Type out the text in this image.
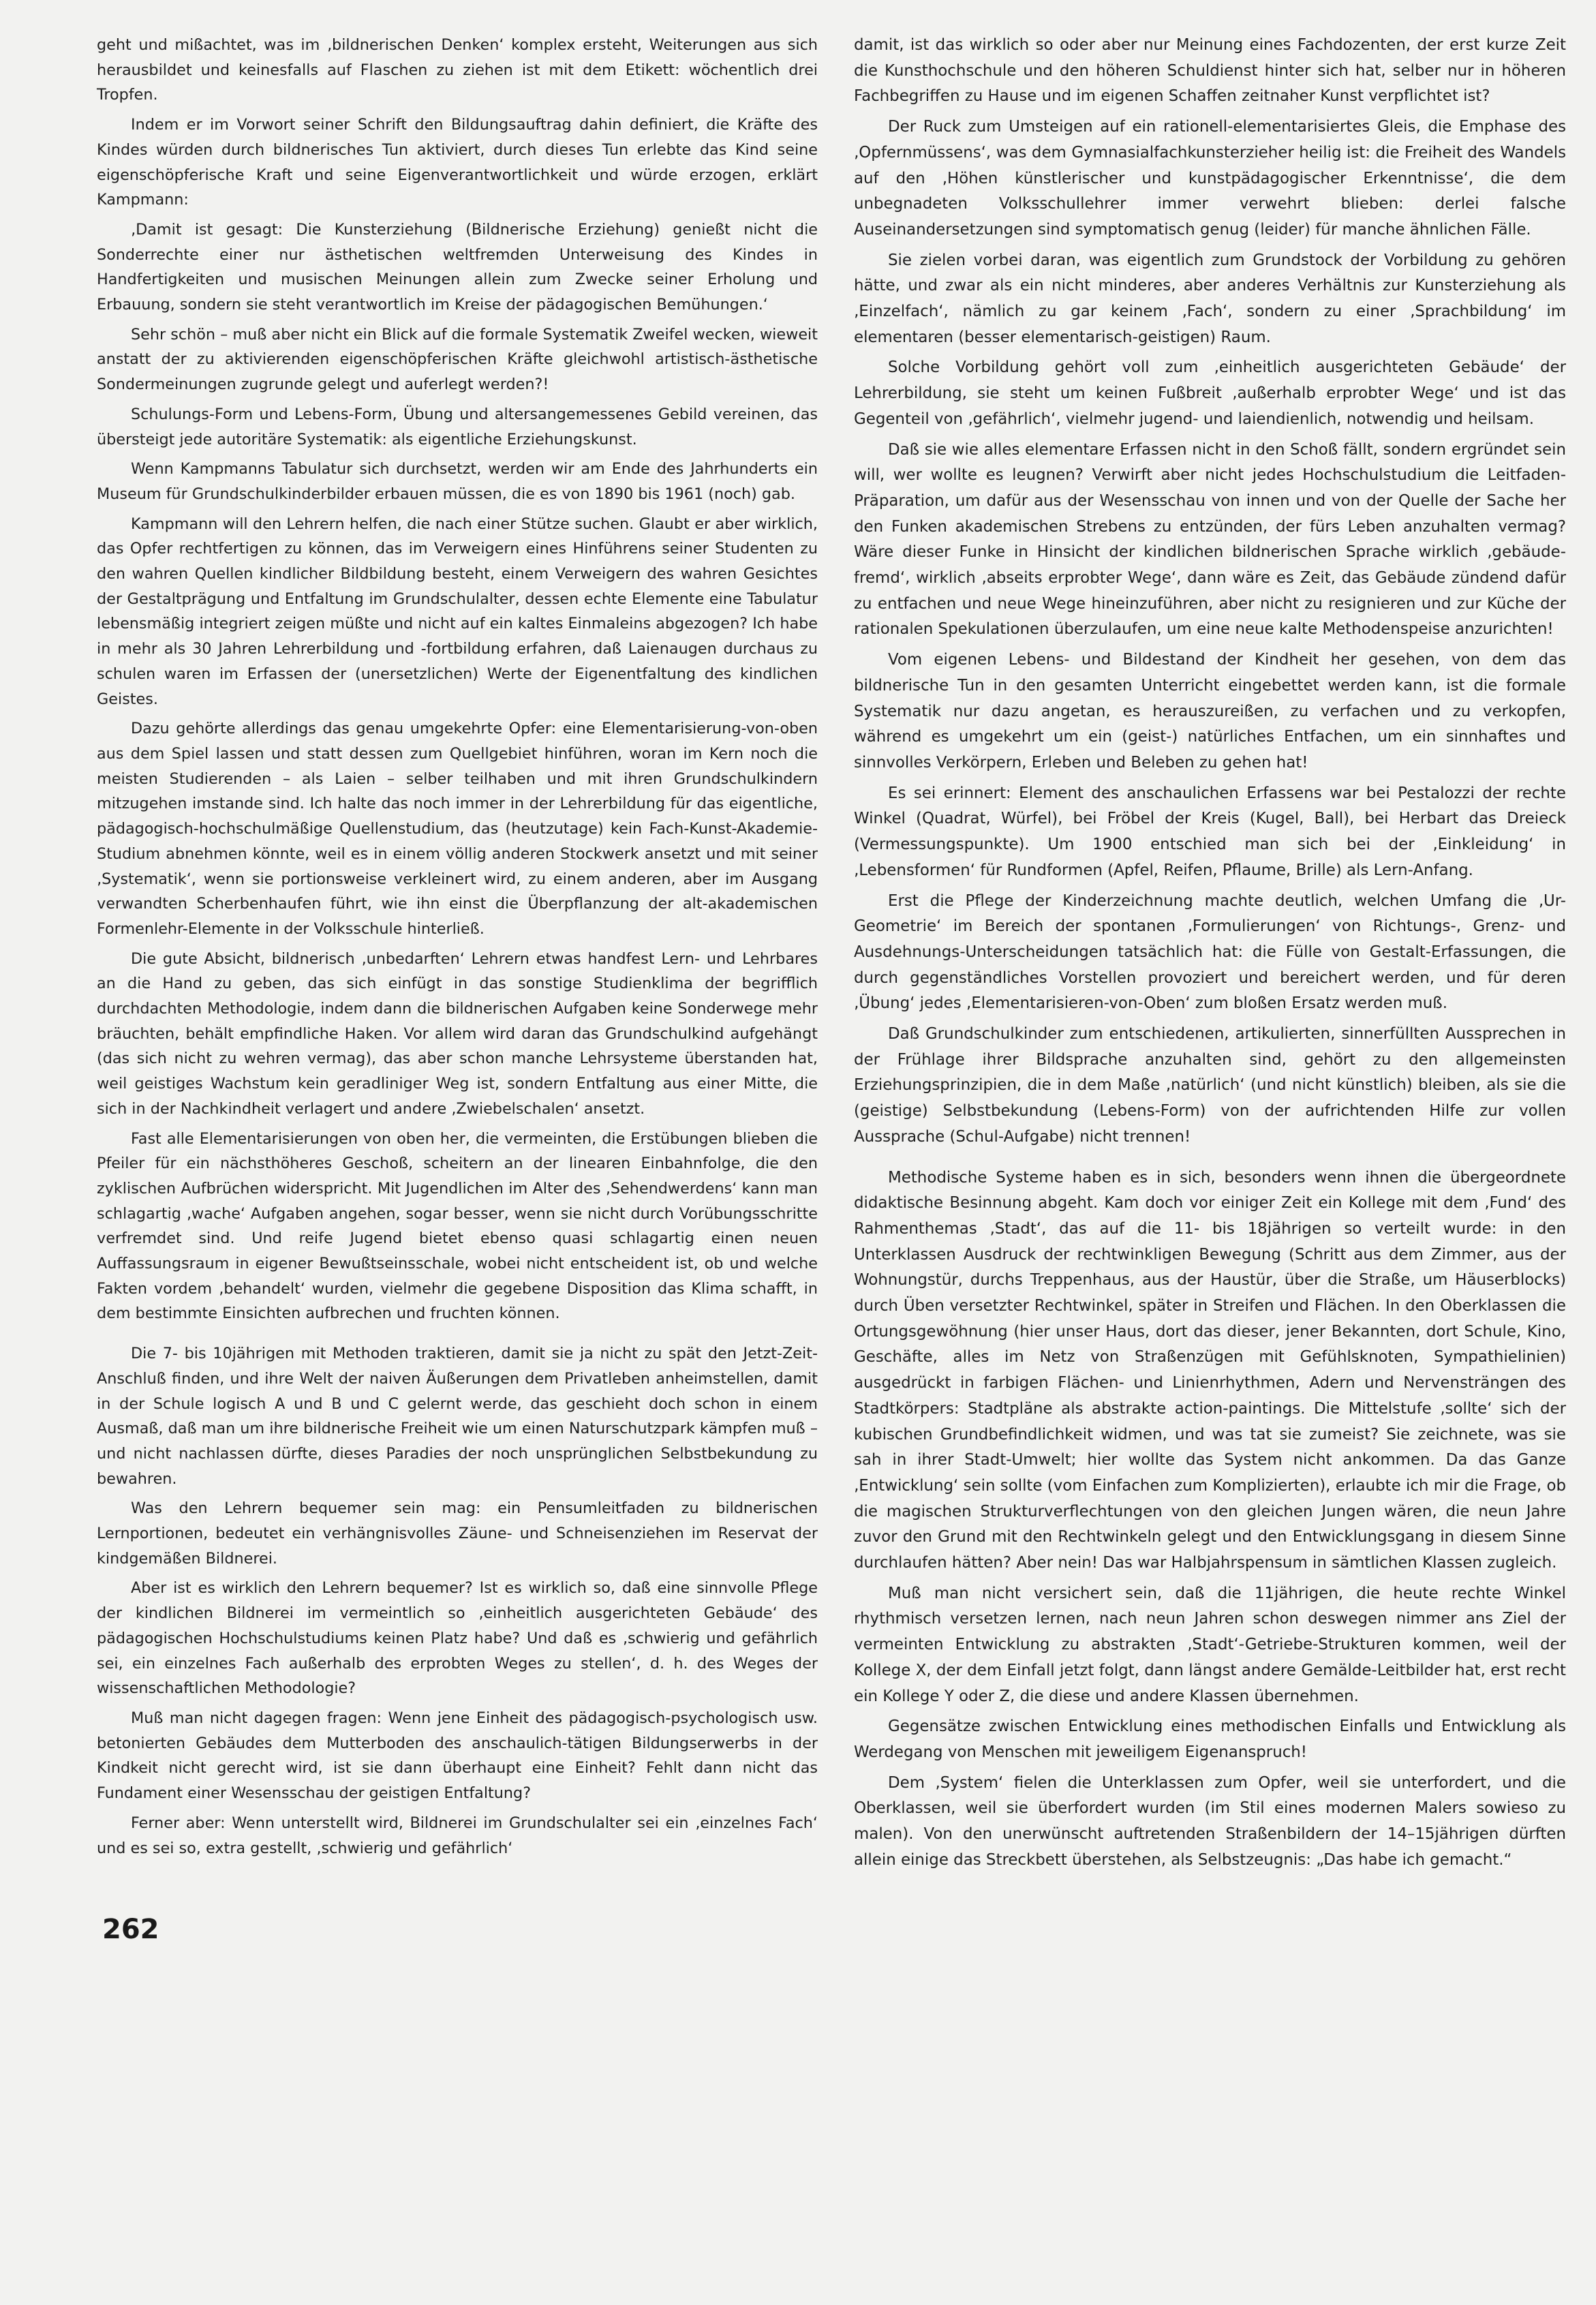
geht und mißachtet, was im ‚bildnerischen Denken‘ komplex ersteht, Weiterungen aus sich herausbildet und keinesfalls auf Flaschen zu ziehen ist mit dem Etikett: wöchentlich drei Tropfen.

Indem er im Vorwort seiner Schrift den Bildungsauftrag dahin definiert, die Kräfte des Kindes würden durch bildnerisches Tun aktiviert, durch dieses Tun erlebte das Kind seine eigenschöpferische Kraft und seine Eigenverantwortlichkeit und würde erzogen, erklärt Kampmann:

‚Damit ist gesagt: Die Kunsterziehung (Bildnerische Erziehung) genießt nicht die Sonderrechte einer nur ästhetischen weltfremden Unterweisung des Kindes in Handfertigkeiten und musischen Meinungen allein zum Zwecke seiner Erholung und Erbauung, sondern sie steht verantwortlich im Kreise der pädagogischen Bemühungen.‘

Sehr schön – muß aber nicht ein Blick auf die formale Systematik Zweifel wecken, wieweit anstatt der zu aktivierenden eigenschöpferischen Kräfte gleichwohl artistisch-ästhetische Sondermeinungen zugrunde gelegt und auferlegt werden?!

Schulungs-Form und Lebens-Form, Übung und altersangemessenes Gebild vereinen, das übersteigt jede autoritäre Systematik: als eigentliche Erziehungskunst.

Wenn Kampmanns Tabulatur sich durchsetzt, werden wir am Ende des Jahrhunderts ein Museum für Grundschulkinderbilder erbauen müssen, die es von 1890 bis 1961 (noch) gab.

Kampmann will den Lehrern helfen, die nach einer Stütze suchen. Glaubt er aber wirklich, das Opfer rechtfertigen zu können, das im Verweigern eines Hinführens seiner Studenten zu den wahren Quellen kindlicher Bildbildung besteht, einem Verweigern des wahren Gesichtes der Gestaltprägung und Entfaltung im Grundschulalter, dessen echte Elemente eine Tabulatur lebensmäßig integriert zeigen müßte und nicht auf ein kaltes Einmaleins abgezogen? Ich habe in mehr als 30 Jahren Lehrerbildung und -fortbildung erfahren, daß Laienaugen durchaus zu schulen waren im Erfassen der (unersetzlichen) Werte der Eigenentfaltung des kindlichen Geistes.

Dazu gehörte allerdings das genau umgekehrte Opfer: eine Elementarisierung-von-oben aus dem Spiel lassen und statt dessen zum Quellgebiet hinführen, woran im Kern noch die meisten Studierenden – als Laien – selber teilhaben und mit ihren Grundschulkindern mitzugehen imstande sind. Ich halte das noch immer in der Lehrerbildung für das eigentliche, pädagogisch-hochschulmäßige Quellenstudium, das (heutzutage) kein Fach-Kunst-Akademie-Studium abnehmen könnte, weil es in einem völlig anderen Stockwerk ansetzt und mit seiner ‚Systematik‘, wenn sie portionsweise verkleinert wird, zu einem anderen, aber im Ausgang verwandten Scherbenhaufen führt, wie ihn einst die Überpflanzung der alt-akademischen Formenlehr-Elemente in der Volksschule hinterließ.

Die gute Absicht, bildnerisch ‚unbedarften‘ Lehrern etwas handfest Lern- und Lehrbares an die Hand zu geben, das sich einfügt in das sonstige Studienklima der begrifflich durchdachten Methodologie, indem dann die bildnerischen Aufgaben keine Sonderwege mehr bräuchten, behält empfindliche Haken. Vor allem wird daran das Grundschulkind aufgehängt (das sich nicht zu wehren vermag), das aber schon manche Lehrsysteme überstanden hat, weil geistiges Wachstum kein geradliniger Weg ist, sondern Entfaltung aus einer Mitte, die sich in der Nachkindheit verlagert und andere ‚Zwiebelschalen‘ ansetzt.

Fast alle Elementarisierungen von oben her, die vermeinten, die Erstübungen blieben die Pfeiler für ein nächsthöheres Geschoß, scheitern an der linearen Einbahnfolge, die den zyklischen Aufbrüchen widerspricht. Mit Jugendlichen im Alter des ‚Sehendwerdens‘ kann man schlagartig ‚wache‘ Aufgaben angehen, sogar besser, wenn sie nicht durch Vorübungsschritte verfremdet sind. Und reife Jugend bietet ebenso quasi schlagartig einen neuen Auffassungsraum in eigener Bewußtseinsschale, wobei nicht entscheident ist, ob und welche Fakten vordem ‚behandelt‘ wurden, vielmehr die gegebene Disposition das Klima schafft, in dem bestimmte Einsichten aufbrechen und fruchten können.

Die 7- bis 10jährigen mit Methoden traktieren, damit sie ja nicht zu spät den Jetzt-Zeit-Anschluß finden, und ihre Welt der naiven Äußerungen dem Privatleben anheimstellen, damit in der Schule logisch A und B und C gelernt werde, das geschieht doch schon in einem Ausmaß, daß man um ihre bildnerische Freiheit wie um einen Naturschutzpark kämpfen muß – und nicht nachlassen dürfte, dieses Paradies der noch unsprünglichen Selbstbekundung zu bewahren.

Was den Lehrern bequemer sein mag: ein Pensumleitfaden zu bildnerischen Lernportionen, bedeutet ein verhängnisvolles Zäune- und Schneisenziehen im Reservat der kindgemäßen Bildnerei.

Aber ist es wirklich den Lehrern bequemer? Ist es wirklich so, daß eine sinnvolle Pflege der kindlichen Bildnerei im vermeintlich so ‚einheitlich ausgerichteten Gebäude‘ des pädagogischen Hochschulstudiums keinen Platz habe? Und daß es ‚schwierig und gefährlich sei, ein einzelnes Fach außerhalb des erprobten Weges zu stellen‘, d. h. des Weges der wissenschaftlichen Methodologie?

Muß man nicht dagegen fragen: Wenn jene Einheit des pädagogisch-psychologisch usw. betonierten Gebäudes dem Mutterboden des anschaulich-tätigen Bildungserwerbs in der Kindkeit nicht gerecht wird, ist sie dann überhaupt eine Einheit? Fehlt dann nicht das Fundament einer Wesensschau der geistigen Entfaltung?

Ferner aber: Wenn unterstellt wird, Bildnerei im Grundschulalter sei ein ‚einzelnes Fach‘ und es sei so, extra gestellt, ‚schwierig und gefährlich‘

damit, ist das wirklich so oder aber nur Meinung eines Fachdozenten, der erst kurze Zeit die Kunsthochschule und den höheren Schuldienst hinter sich hat, selber nur in höheren Fachbegriffen zu Hause und im eigenen Schaffen zeitnaher Kunst verpflichtet ist?

Der Ruck zum Umsteigen auf ein rationell-elementarisiertes Gleis, die Emphase des ‚Opfernmüssens‘, was dem Gymnasialfachkunsterzieher heilig ist: die Freiheit des Wandels auf den ‚Höhen künstlerischer und kunstpädagogischer Erkenntnisse‘, die dem unbegnadeten Volksschullehrer immer verwehrt blieben: derlei falsche Auseinandersetzungen sind symptomatisch genug (leider) für manche ähnlichen Fälle.

Sie zielen vorbei daran, was eigentlich zum Grundstock der Vorbildung zu gehören hätte, und zwar als ein nicht minderes, aber anderes Verhältnis zur Kunsterziehung als ‚Einzelfach‘, nämlich zu gar keinem ‚Fach‘, sondern zu einer ‚Sprachbildung‘ im elementaren (besser elementarisch-geistigen) Raum.

Solche Vorbildung gehört voll zum ‚einheitlich ausgerichteten Gebäude‘ der Lehrerbildung, sie steht um keinen Fußbreit ‚außerhalb erprobter Wege‘ und ist das Gegenteil von ‚gefährlich‘, vielmehr jugend- und laiendienlich, notwendig und heilsam.

Daß sie wie alles elementare Erfassen nicht in den Schoß fällt, sondern ergründet sein will, wer wollte es leugnen? Verwirft aber nicht jedes Hochschulstudium die Leitfaden-Präparation, um dafür aus der Wesensschau von innen und von der Quelle der Sache her den Funken akademischen Strebens zu entzünden, der fürs Leben anzuhalten vermag? Wäre dieser Funke in Hinsicht der kindlichen bildnerischen Sprache wirklich ‚gebäudefremd‘, wirklich ‚abseits erprobter Wege‘, dann wäre es Zeit, das Gebäude zündend dafür zu entfachen und neue Wege hineinzuführen, aber nicht zu resignieren und zur Küche der rationalen Spekulationen überzulaufen, um eine neue kalte Methodenspeise anzurichten!

Vom eigenen Lebens- und Bildestand der Kindheit her gesehen, von dem das bildnerische Tun in den gesamten Unterricht eingebettet werden kann, ist die formale Systematik nur dazu angetan, es herauszureißen, zu verfachen und zu verkopfen, während es umgekehrt um ein (geist-) natürliches Entfachen, um ein sinnhaftes und sinnvolles Verkörpern, Erleben und Beleben zu gehen hat!

Es sei erinnert: Element des anschaulichen Erfassens war bei Pestalozzi der rechte Winkel (Quadrat, Würfel), bei Fröbel der Kreis (Kugel, Ball), bei Herbart das Dreieck (Vermessungspunkte). Um 1900 entschied man sich bei der ‚Einkleidung‘ in ‚Lebensformen‘ für Rundformen (Apfel, Reifen, Pflaume, Brille) als Lern-Anfang.

Erst die Pflege der Kinderzeichnung machte deutlich, welchen Umfang die ‚Ur-Geometrie‘ im Bereich der spontanen ‚Formulierungen‘ von Richtungs-, Grenz- und Ausdehnungs-Unterscheidungen tatsächlich hat: die Fülle von Gestalt-Erfassungen, die durch gegenständliches Vorstellen provoziert und bereichert werden, und für deren ‚Übung‘ jedes ‚Elementarisieren-von-Oben‘ zum bloßen Ersatz werden muß.

Daß Grundschulkinder zum entschiedenen, artikulierten, sinnerfüllten Aussprechen in der Frühlage ihrer Bildsprache anzuhalten sind, gehört zu den allgemeinsten Erziehungsprinzipien, die in dem Maße ‚natürlich‘ (und nicht künstlich) bleiben, als sie die (geistige) Selbstbekundung (Lebens-Form) von der aufrichtenden Hilfe zur vollen Aussprache (Schul-Aufgabe) nicht trennen!

Methodische Systeme haben es in sich, besonders wenn ihnen die übergeordnete didaktische Besinnung abgeht. Kam doch vor einiger Zeit ein Kollege mit dem ‚Fund‘ des Rahmenthemas ‚Stadt‘, das auf die 11- bis 18jährigen so verteilt wurde: in den Unterklassen Ausdruck der rechtwinkligen Bewegung (Schritt aus dem Zimmer, aus der Wohnungstür, durchs Treppenhaus, aus der Haustür, über die Straße, um Häuserblocks) durch Üben versetzter Rechtwinkel, später in Streifen und Flächen. In den Oberklassen die Ortungsgewöhnung (hier unser Haus, dort das dieser, jener Bekannten, dort Schule, Kino, Geschäfte, alles im Netz von Straßenzügen mit Gefühlsknoten, Sympathielinien) ausgedrückt in farbigen Flächen- und Linienrhythmen, Adern und Nervensträngen des Stadtkörpers: Stadtpläne als abstrakte action-paintings. Die Mittelstufe ‚sollte‘ sich der kubischen Grundbefindlichkeit widmen, und was tat sie zumeist? Sie zeichnete, was sie sah in ihrer Stadt-Umwelt; hier wollte das System nicht ankommen. Da das Ganze ‚Entwicklung‘ sein sollte (vom Einfachen zum Komplizierten), erlaubte ich mir die Frage, ob die magischen Strukturverflechtungen von den gleichen Jungen wären, die neun Jahre zuvor den Grund mit den Rechtwinkeln gelegt und den Entwicklungsgang in diesem Sinne durchlaufen hätten? Aber nein! Das war Halbjahrspensum in sämtlichen Klassen zugleich.

Muß man nicht versichert sein, daß die 11jährigen, die heute rechte Winkel rhythmisch versetzen lernen, nach neun Jahren schon deswegen nimmer ans Ziel der vermeinten Entwicklung zu abstrakten ‚Stadt‘-Getriebe-Strukturen kommen, weil der Kollege X, der dem Einfall jetzt folgt, dann längst andere Gemälde-Leitbilder hat, erst recht ein Kollege Y oder Z, die diese und andere Klassen übernehmen.

Gegensätze zwischen Entwicklung eines methodischen Einfalls und Entwicklung als Werdegang von Menschen mit jeweiligem Eigenanspruch!

Dem ‚System‘ fielen die Unterklassen zum Opfer, weil sie unterfordert, und die Oberklassen, weil sie überfordert wurden (im Stil eines modernen Malers sowieso zu malen). Von den unerwünscht auftretenden Straßenbildern der 14–15jährigen dürften allein einige das Streckbett überstehen, als Selbstzeugnis: „Das habe ich gemacht.“

262
